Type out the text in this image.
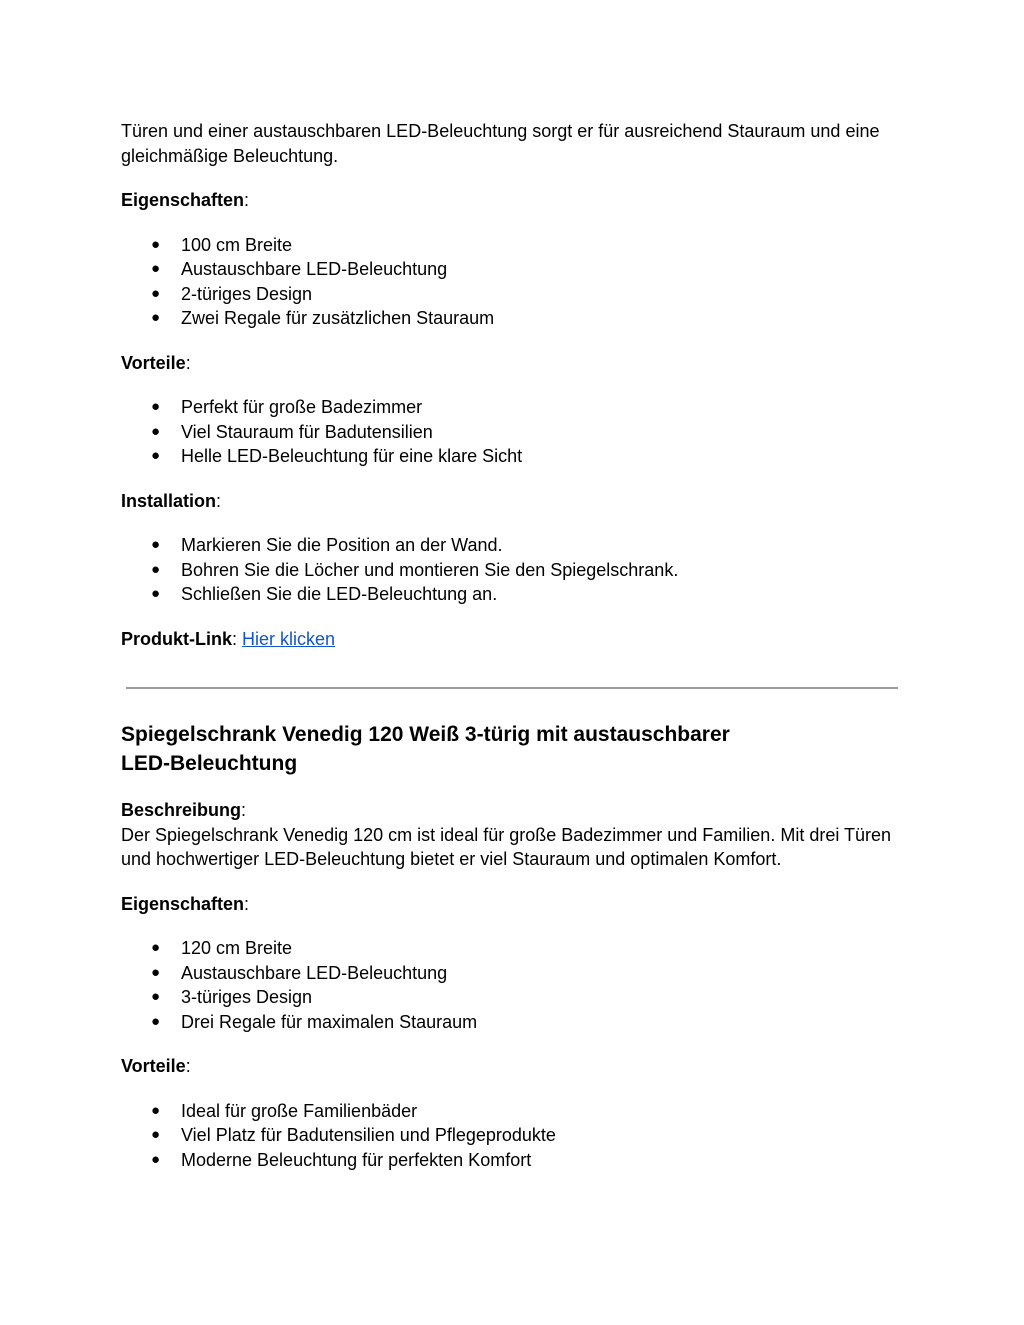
Türen und einer austauschbaren LED-Beleuchtung sorgt er für ausreichend Stauraum und eine gleichmäßige Beleuchtung.

Eigenschaften:

● 100 cm Breite
● Austauschbare LED-Beleuchtung
● 2-türiges Design
● Zwei Regale für zusätzlichen Stauraum

Vorteile:

● Perfekt für große Badezimmer
● Viel Stauraum für Badutensilien
● Helle LED-Beleuchtung für eine klare Sicht

Installation:

● Markieren Sie die Position an der Wand.
● Bohren Sie die Löcher und montieren Sie den Spiegelschrank.
● Schließen Sie die LED-Beleuchtung an.

Produkt-Link: Hier klicken

Spiegelschrank Venedig 120 Weiß 3-türig mit austauschbarer LED-Beleuchtung

Beschreibung:

Der Spiegelschrank Venedig 120 cm ist ideal für große Badezimmer und Familien. Mit drei Türen und hochwertiger LED-Beleuchtung bietet er viel Stauraum und optimalen Komfort.

Eigenschaften:

● 120 cm Breite
● Austauschbare LED-Beleuchtung
● 3-türiges Design
● Drei Regale für maximalen Stauraum

Vorteile:

● Ideal für große Familienbäder
● Viel Platz für Badutensilien und Pflegeprodukte
● Moderne Beleuchtung für perfekten Komfort
